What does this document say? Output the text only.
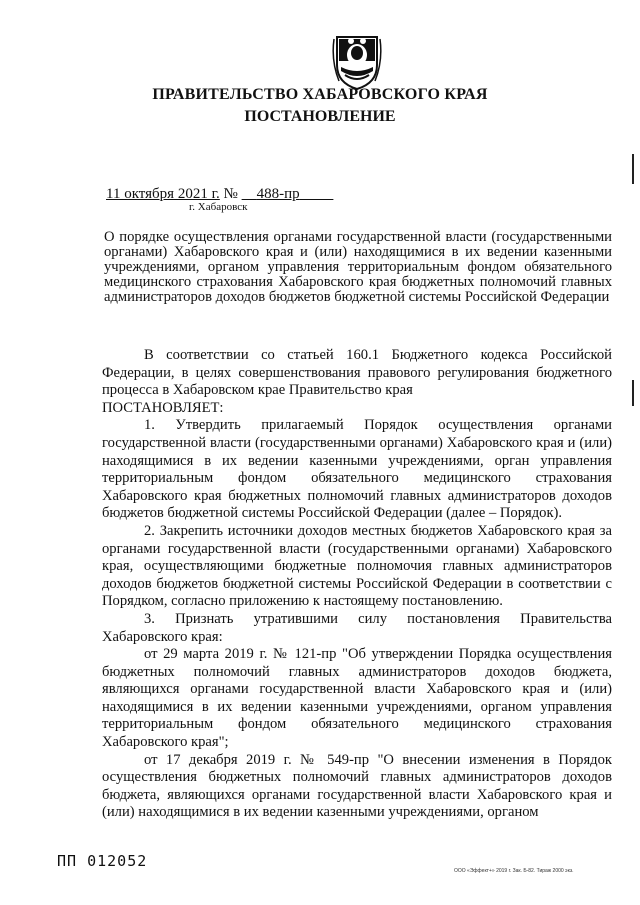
ПРАВИТЕЛЬСТВО ХАБАРОВСКОГО КРАЯ
ПОСТАНОВЛЕНИЕ
11 октября 2021 г. № 488-пр
г. Хабаровск
О порядке осуществления органами государственной власти (государственными органами) Хабаровского края и (или) находящимися в их ведении казенными учреждениями, органом управления территориальным фондом обязательного медицинского страхования Хабаровского края бюджетных полномочий главных администраторов доходов бюджетов бюджетной системы Российской Федерации

В соответствии со статьей 160.1 Бюджетного кодекса Российской Федерации, в целях совершенствования правового регулирования бюджетного процесса в Хабаровском крае Правительство края

ПОСТАНОВЛЯЕТ:

1. Утвердить прилагаемый Порядок осуществления органами государственной власти (государственными органами) Хабаровского края и (или) находящимися в их ведении казенными учреждениями, орган управления территориальным фондом обязательного медицинского страхования Хабаровского края бюджетных полномочий главных администраторов доходов бюджетов бюджетной системы Российской Федерации (далее – Порядок).

2. Закрепить источники доходов местных бюджетов Хабаровского края за органами государственной власти (государственными органами) Хабаровского края, осуществляющими бюджетные полномочия главных администраторов доходов бюджетов бюджетной системы Российской Федерации в соответствии с Порядком, согласно приложению к настоящему постановлению.

3. Признать утратившими силу постановления Правительства Хабаровского края:

от 29 марта 2019 г. № 121-пр "Об утверждении Порядка осуществления бюджетных полномочий главных администраторов доходов бюджета, являющихся органами государственной власти Хабаровского края и (или) находящимися в их ведении казенными учреждениями, органом управления территориальным фондом обязательного медицинского страхования Хабаровского края";

от 17 декабря 2019 г. № 549-пр "О внесении изменения в Порядок осуществления бюджетных полномочий главных администраторов доходов бюджета, являющихся органами государственной власти Хабаровского края и (или) находящимися в их ведении казенными учреждениями, органом

ПП 012052
ООО «Эффект+» 2019 г. Зак. Б-82. Тираж 2000 экз.
